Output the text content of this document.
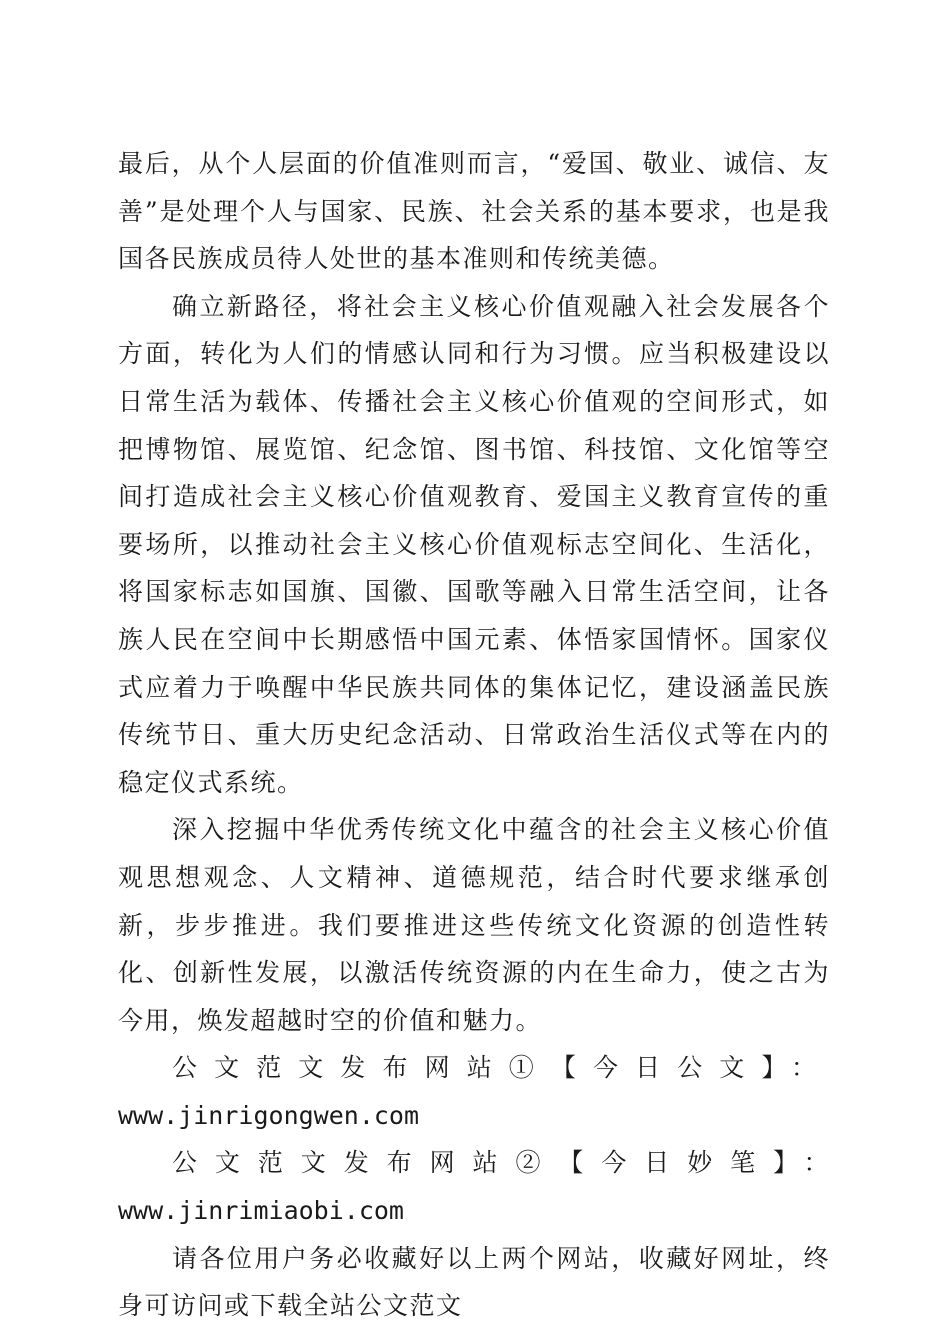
最后，从个人层面的价值准则而言，“爱国、敬业、诚信、友善”是处理个人与国家、民族、社会关系的基本要求，也是我国各民族成员待人处世的基本准则和传统美德。

确立新路径，将社会主义核心价值观融入社会发展各个方面，转化为人们的情感认同和行为习惯。应当积极建设以日常生活为载体、传播社会主义核心价值观的空间形式，如把博物馆、展览馆、纪念馆、图书馆、科技馆、文化馆等空间打造成社会主义核心价值观教育、爱国主义教育宣传的重要场所，以推动社会主义核心价值观标志空间化、生活化，将国家标志如国旗、国徽、国歌等融入日常生活空间，让各族人民在空间中长期感悟中国元素、体悟家国情怀。国家仪式应着力于唤醒中华民族共同体的集体记忆，建设涵盖民族传统节日、重大历史纪念活动、日常政治生活仪式等在内的稳定仪式系统。

深入挖掘中华优秀传统文化中蕴含的社会主义核心价值观思想观念、人文精神、道德规范，结合时代要求继承创新，步步推进。我们要推进这些传统文化资源的创造性转化、创新性发展，以激活传统资源的内在生命力，使之古为今用，焕发超越时空的价值和魅力。

公文范文发布网站①【今日公文】：

www.jinrigongwen.com

公文范文发布网站②【今日妙笔】：www.jinrimiaobi.com

请各位用户务必收藏好以上两个网站，收藏好网址，终身可访问或下载全站公文范文
